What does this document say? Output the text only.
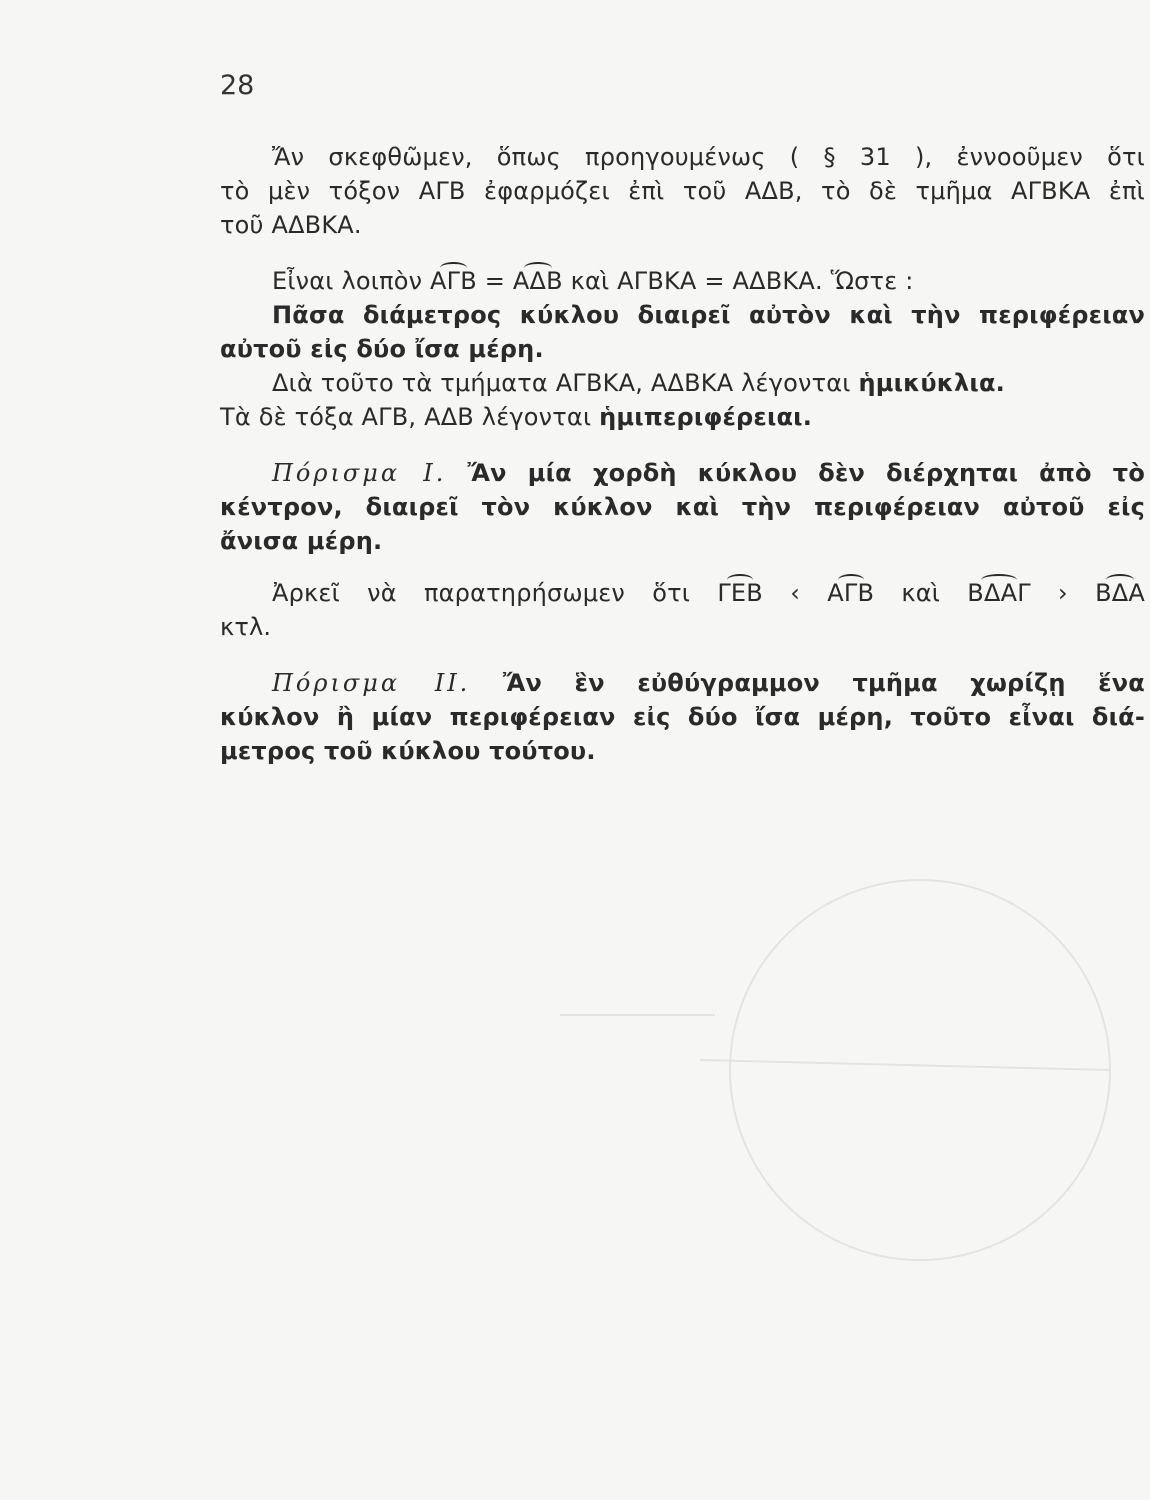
28
Ἄν σκεφθῶμεν, ὅπως προηγουμένως ( § 31 ), ἐννοοῦμεν ὅτι
τὸ μὲν τόξον ΑΓΒ ἐφαρμόζει ἐπὶ τοῦ ΑΔΒ, τὸ δὲ τμῆμα ΑΓΒΚΑ ἐπὶ
τοῦ ΑΔΒΚΑ.
Εἶναι λοιπὸν ΑΓΒ = ΑΔΒ καὶ ΑΓΒΚΑ = ΑΔΒΚΑ. Ὥστε :
Πᾶσα διάμετρος κύκλου διαιρεῖ αὐτὸν καὶ τὴν περιφέρειαν
αὐτοῦ εἰς δύο ἴσα μέρη.
Διὰ τοῦτο τὰ τμήματα ΑΓΒΚΑ, ΑΔΒΚΑ λέγονται ἡμικύκλια.
Τὰ δὲ τόξα ΑΓΒ, ΑΔΒ λέγονται ἡμιπεριφέρειαι.
Πόρισμα Ι. Ἄν μία χορδὴ κύκλου δὲν διέρχηται ἀπὸ τὸ
κέντρον, διαιρεῖ τὸν κύκλον καὶ τὴν περιφέρειαν αὐτοῦ εἰς
ἄνισα μέρη.
Ἀρκεῖ νὰ παρατηρήσωμεν ὅτι ΓΕΒ ‹ ΑΓΒ καὶ ΒΔΑΓ › ΒΔΑ
κτλ.
Πόρισμα ΙΙ. Ἄν ἓν εὐθύγραμμον τμῆμα χωρίζῃ ἕνα
κύκλον ἢ μίαν περιφέρειαν εἰς δύο ἴσα μέρη, τοῦτο εἶναι διά-
μετρος τοῦ κύκλου τούτου.
